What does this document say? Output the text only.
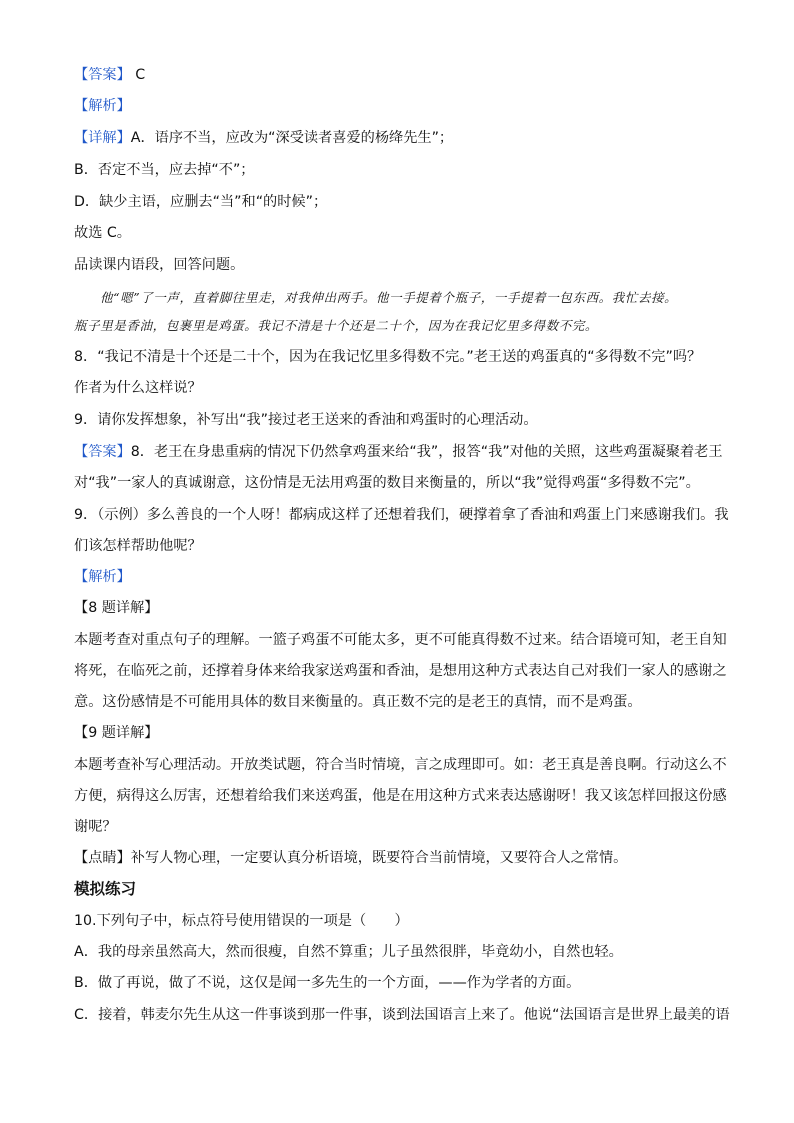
【答案】 C
【解析】
【详解】A．语序不当，应改为“深受读者喜爱的杨绛先生”；
B．否定不当，应去掉“不”；
D．缺少主语，应删去“当”和“的时候”；
故选 C。
品读课内语段，回答问题。
他“嗯”了一声，直着脚往里走，对我伸出两手。他一手提着个瓶子，一手提着一包东西。我忙去接。
瓶子里是香油，包裹里是鸡蛋。我记不清是十个还是二十个，因为在我记忆里多得数不完。
8．“我记不清是十个还是二十个，因为在我记忆里多得数不完。”老王送的鸡蛋真的“多得数不完”吗？
作者为什么这样说？
9．请你发挥想象，补写出“我”接过老王送来的香油和鸡蛋时的心理活动。
【答案】8．老王在身患重病的情况下仍然拿鸡蛋来给“我”，报答“我”对他的关照，这些鸡蛋凝聚着老王
对“我”一家人的真诚谢意，这份情是无法用鸡蛋的数目来衡量的，所以“我”觉得鸡蛋“多得数不完”。
9．（示例）多么善良的一个人呀！都病成这样了还想着我们，硬撑着拿了香油和鸡蛋上门来感谢我们。我
们该怎样帮助他呢？
【解析】
【8 题详解】
本题考查对重点句子的理解。一篮子鸡蛋不可能太多，更不可能真得数不过来。结合语境可知，老王自知
将死，在临死之前，还撑着身体来给我家送鸡蛋和香油，是想用这种方式表达自己对我们一家人的感谢之
意。这份感情是不可能用具体的数目来衡量的。真正数不完的是老王的真情，而不是鸡蛋。
【9 题详解】
本题考查补写心理活动。开放类试题，符合当时情境，言之成理即可。如：老王真是善良啊。行动这么不
方便，病得这么厉害，还想着给我们来送鸡蛋，他是在用这种方式来表达感谢呀！我又该怎样回报这份感
谢呢？
【点睛】补写人物心理，一定要认真分析语境，既要符合当前情境，又要符合人之常情。
模拟练习
10.下列句子中，标点符号使用错误的一项是（　　）
A．我的母亲虽然高大，然而很瘦，自然不算重；儿子虽然很胖，毕竟幼小，自然也轻。
B．做了再说，做了不说，这仅是闻一多先生的一个方面，——作为学者的方面。
C．接着，韩麦尔先生从这一件事谈到那一件事，谈到法国语言上来了。他说“法国语言是世界上最美的语
